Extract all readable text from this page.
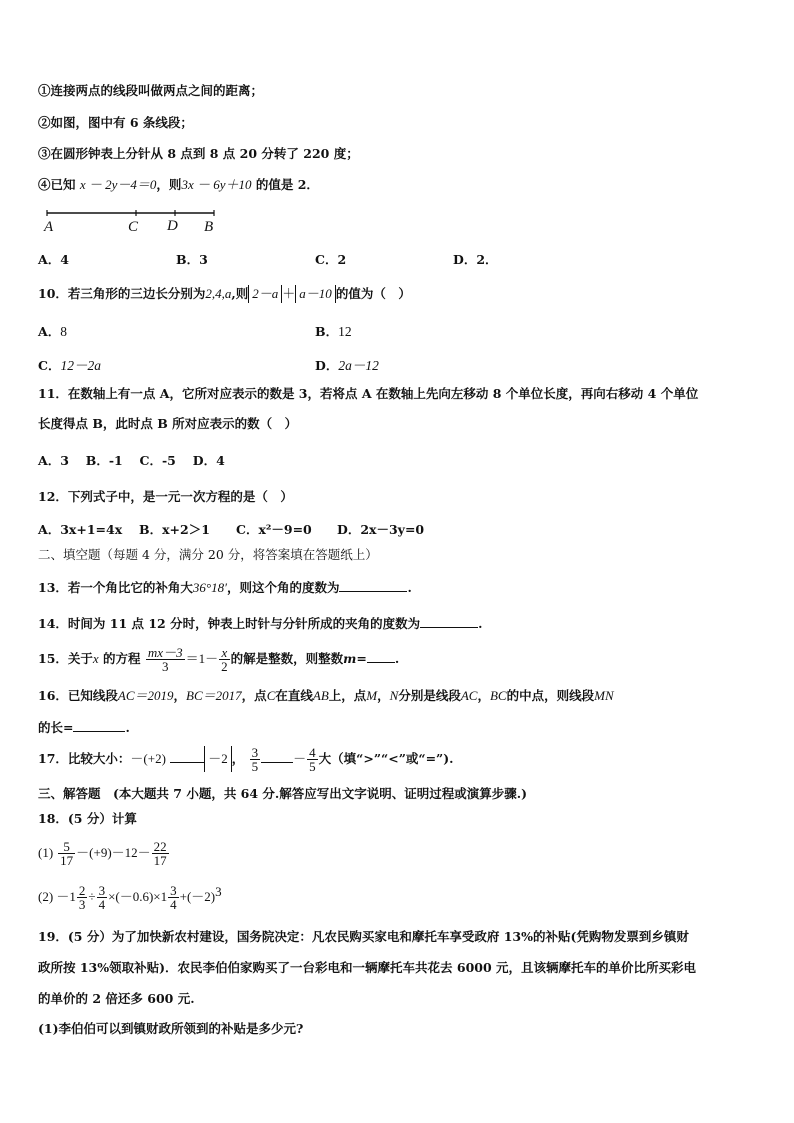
①连接两点的线段叫做两点之间的距离；
②如图，图中有 6 条线段；
③在圆形钟表上分针从 8 点到 8 点 20 分转了 220 度；
④已知 x － 2y－4＝0，则3x － 6y＋10 的值是 2．
A	C D B
A．4	B．3	C．2	D．2．
10．若三角形的三边长分别为2,4,a,则 2－a ＋ a－10 的值为（　）
A．8	B．12
C．12－2a	D．2a－12
11．在数轴上有一点 A，它所对应表示的数是 3，若将点 A 在数轴上先向左移动 8 个单位长度，再向右移动 4 个单位
长度得点 B，此时点 B 所对应表示的数（　）
A．3　 B．-1　 C．-5　 D．4
12．下列式子中，是一元一次方程的是（　）
A．3x+1=4x B．x+2＞1 C．x²－9=0 D．2x－3y=0
二、填空题（每题 4 分，满分 20 分，将答案填在答题纸上）
13．若一个角比它的补角大36°18′，则这个角的度数为	.
14．时间为 11 点 12 分时，钟表上时针与分针所成的夹角的度数为	.
15．关于x 的方程 $\frac{mx-3}{3} =1- \frac{x}{2}$ 的解是整数，则整数m= .
16．已知线段AC＝2019，BC＝2017，点C在直线AB上，点M，N分别是线段AC，BC的中点，则线段MN
的长=	.
17．比较大小：－(+2)	－2 ， $\frac{3}{5}$	－ $\frac{4}{5}$ 大（填“>”“<”或“=”).
三、解答题　(本大题共 7 小题，共 64 分.解答应写出文字说明、证明过程或演算步骤.)
18．(5 分）计算
$(1) \frac{5}{17} -(+9)-12- \frac{22}{17}$
$(2) -1 \frac{2}{3} \div \frac{3}{4} \times(-0.6)\times 1 \frac{3}{4} +(-2)^3$
19．(5 分）为了加快新农村建设，国务院决定：凡农民购买家电和摩托车享受政府 13%的补贴(凭购物发票到乡镇财
政所按 13%领取补贴)．农民李伯伯家购买了一台彩电和一辆摩托车共花去 6000 元，且该辆摩托车的单价比所买彩电
的单价的 2 倍还多 600 元.
(1)李伯伯可以到镇财政所领到的补贴是多少元?
